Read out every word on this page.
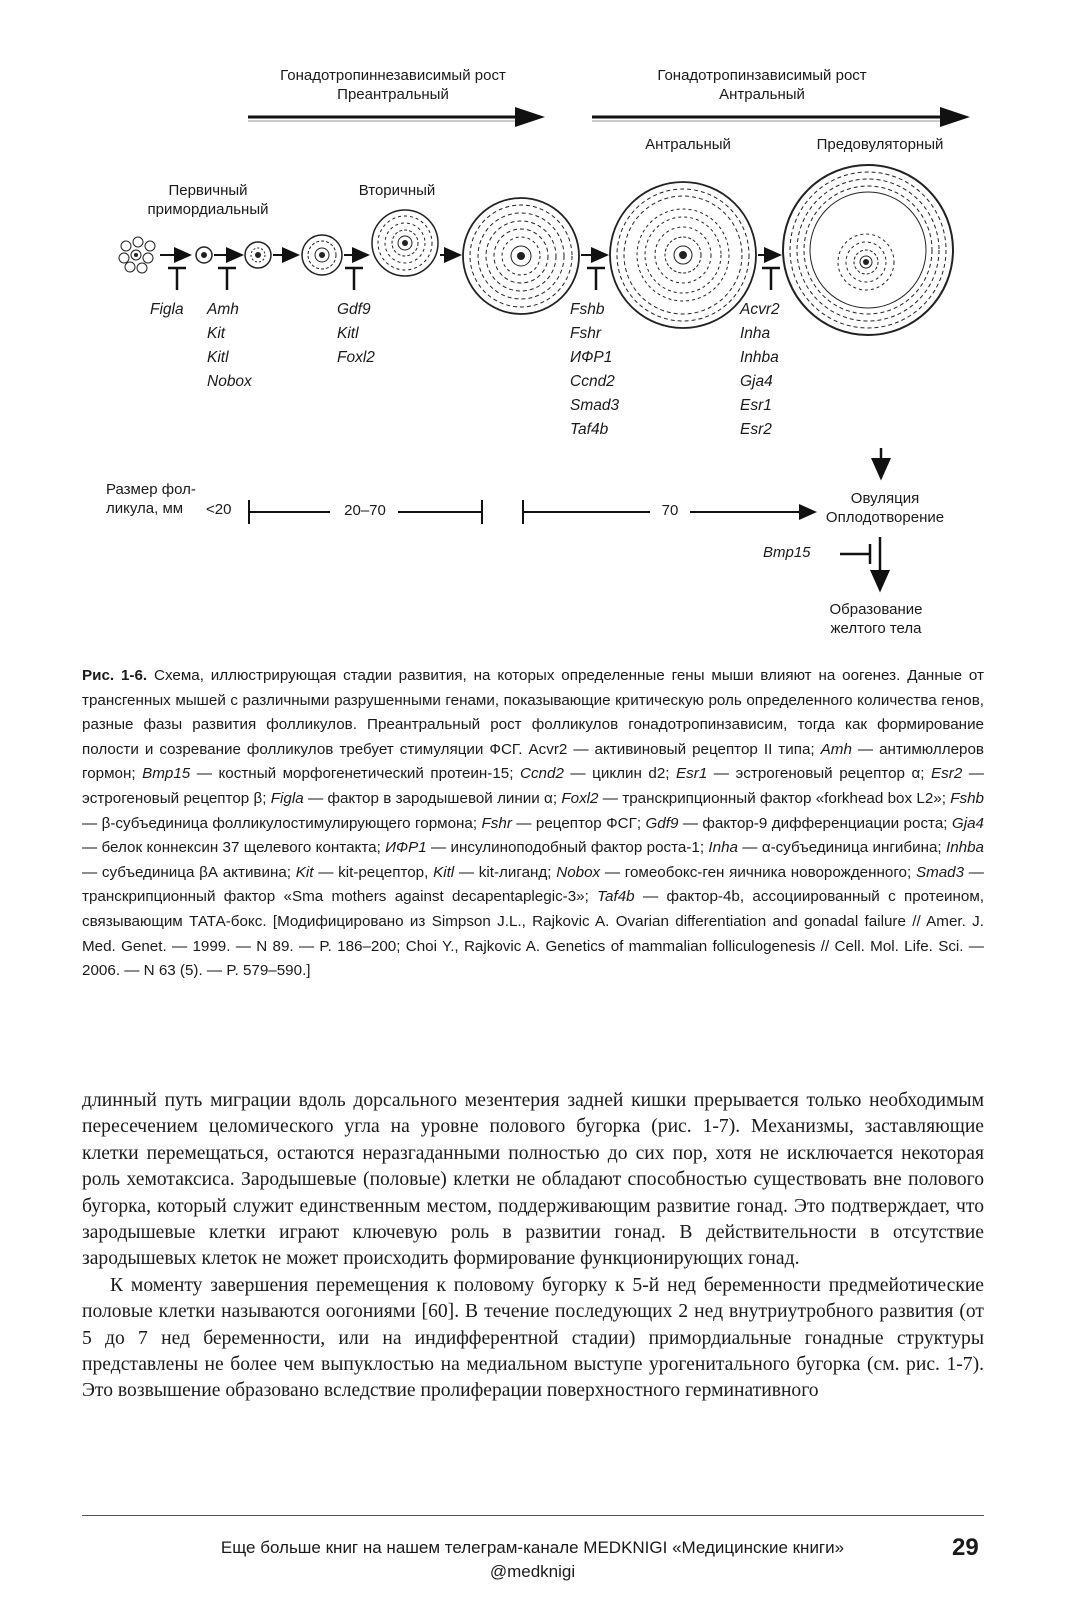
Гонадотропиннезависимый рост
Преантральный
Гонадотропинзависимый рост
Антральный
Антральный	Предовуляторный
Первичный
примордиальный
Вторичный
Figla Amh
Kit
Kitl
Nobox
Gdf9
Kitl
Foxl2
Fshb
Fshr
ИФР1
Ccnd2
Smad3
Taf4b
Acvr2
Inha
Inhba
Gja4
Esr1
Esr2
Размер фол-
ликула, мм	<20	20–70	70
Овуляция
Оплодотворение
Bmp15
Образование
желтого тела
Рис. 1-6. Схема, иллюстрирующая стадии развития, на которых определенные гены мыши влияют на оогенез. Данные от трансгенных мышей с различными разрушенными генами, показывающие критическую роль определенного количества генов, разные фазы развития фолликулов. Преантральный рост фолликулов гонадотропинзависим, тогда как формирование полости и созревание фолликулов требует стимуляции ФСГ. Acvr2 — активиновый рецептор II типа; Amh — антимюллеров гормон; Bmp15 — костный морфогенетический протеин-15; Ccnd2 — циклин d2; Esr1 — эстрогеновый рецептор α; Esr2 — эстрогеновый рецептор β; Figla — фактор в зародышевой линии α; Foxl2 — транскрипционный фактор «forkhead box L2»; Fshb— β-субъединица фолликулостимулирующего гормона; Fshr — рецептор ФСГ; Gdf9 — фактор-9 дифференциации роста; Gja4 — белок коннексин 37 щелевого контакта; ИФР1 — инсулиноподобный фактор роста-1; Inha — α-субъединица ингибина; Inhba — субъединица βА активина; Kit — kit-рецептор, Kitl — kit-лиганд; Nobox — гомеобокс-ген яичника новорожденного; Smad3 — транскрипционный фактор «Sma mothers against decapentaplegic-3»; Taf4b — фактор-4b, ассоциированный с протеином, связывающим ТАТА-бокс. [Модифицировано из Simpson J.L., Rajkovic A. Ovarian differentiation and gonadal failure // Amer. J. Med. Genet. — 1999. — N 89. — P. 186–200; Choi Y., Rajkovic A. Genetics of mammalian folliculogenesis // Cell. Mol. Life. Sci. — 2006. — N 63 (5). — P. 579–590.]

длинный путь миграции вдоль дорсального мезентерия задней кишки прерывается только необходимым пересечением целомического угла на уровне полового бугорка (рис. 1-7). Механизмы, заставляющие клетки перемещаться, остаются неразгаданными полностью до сих пор, хотя не исключается некоторая роль хемотаксиса. Зародышевые (половые) клетки не обладают способностью существовать вне полового бугорка, который служит единственным местом, поддерживающим развитие гонад. Это подтверждает, что зародышевые клетки играют ключевую роль в развитии гонад. В действительности в отсутствие зародышевых клеток не может происходить формирование функционирующих гонад.

К моменту завершения перемещения к половому бугорку к 5-й нед беременности предмейотические половые клетки называются оогониями [60]. В течение последующих 2 нед внутриутробного развития (от 5 до 7 нед беременности, или на индифферентной стадии) примордиальные гонадные структуры представлены не более чем выпуклостью на медиальном выступе урогенитального бугорка (см. рис. 1-7). Это возвышение образовано вследствие пролиферации поверхностного герминативного

Еще больше книг на нашем телеграм-канале MEDKNIGI «Медицинские книги»
@medknigi
29
